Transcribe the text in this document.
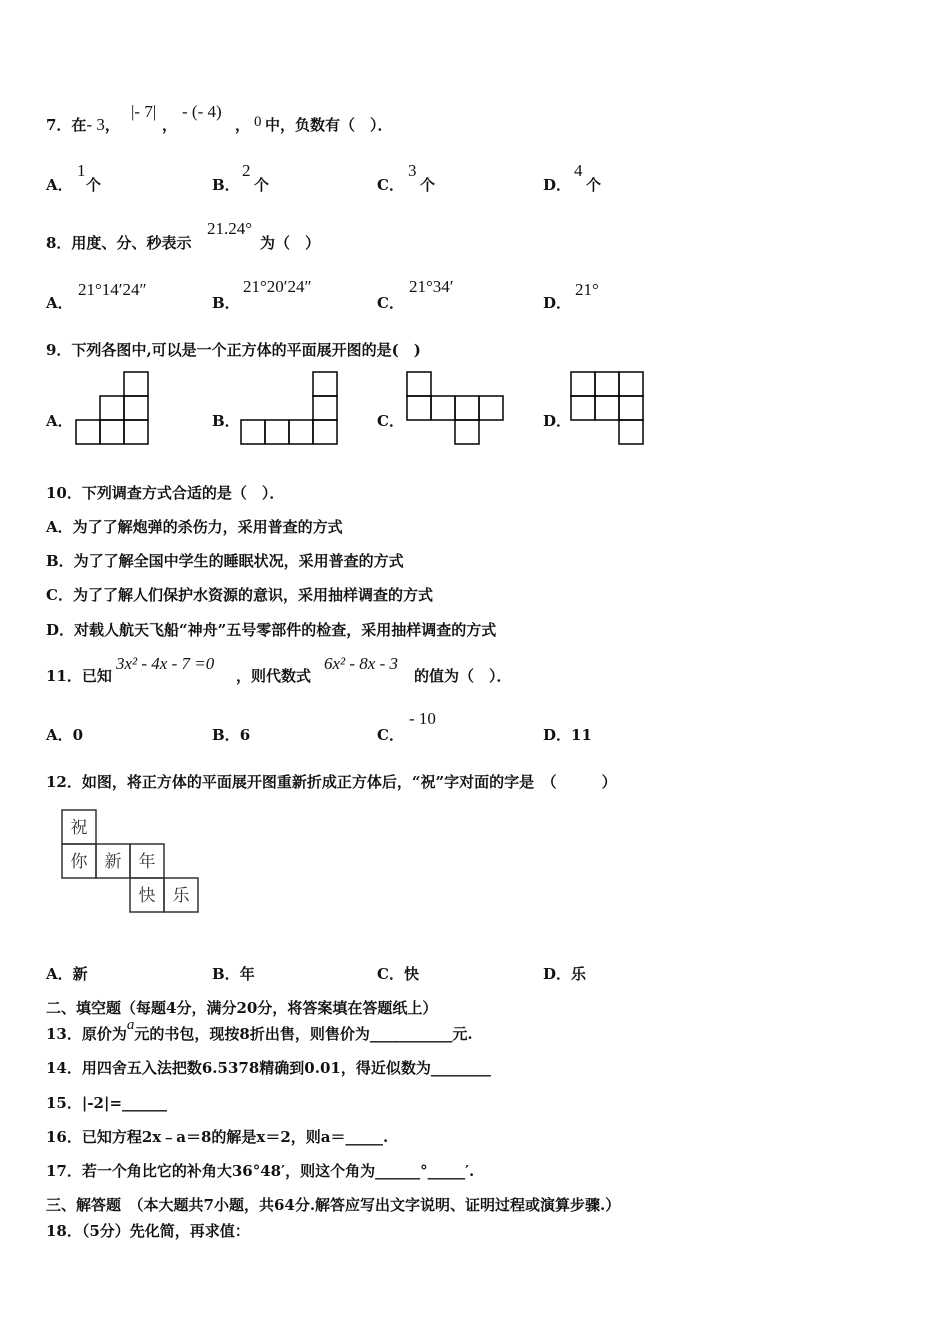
7．在- 3，
|- 7|
，
- (- 4)
， 0 中，负数有（　）．
A．
1
个	B．
2
个	C．
3
个	D．
4
个
8．用度、分、秒表示
21.24°
为（　）
A．
21°14′24″
B．
21°20′24″
C．
21°34′
D．
21°
9．下列各图中,可以是一个正方体的平面展开图的是(　)
A．	B．	C．	D．
10．下列调查方式合适的是（　）．
A．为了了解炮弹的杀伤力，采用普查的方式
B．为了了解全国中学生的睡眠状况，采用普查的方式
C．为了了解人们保护水资源的意识，采用抽样调查的方式
D．对载人航天飞船“神舟”五号零部件的检查，采用抽样调查的方式
11．已知
3x² - 4x - 7 =0
，则代数式
6x² - 8x - 3
的值为（　）．
A．0	B．6	C．
- 10
D．11
12．如图，将正方体的平面展开图重新折成正方体后，“祝”字对面的字是　（　　　）
祝
你 新 年
快 乐
A．新	B．年	C．快	D．乐
二、填空题（每题4分，满分20分，将答案填在答题纸上）
13．原价为a元的书包，现按8折出售，则售价为___________元.
14．用四舍五入法把数6.5378精确到0.01，得近似数为________
15．|-2|=______
16．已知方程2x﹣a＝8的解是x＝2，则a＝_____.
17．若一个角比它的补角大36°48′，则这个角为______°_____′.
三、解答题　（本大题共7小题，共64分.解答应写出文字说明、证明过程或演算步骤.）
18．（5分）先化简，再求值：
